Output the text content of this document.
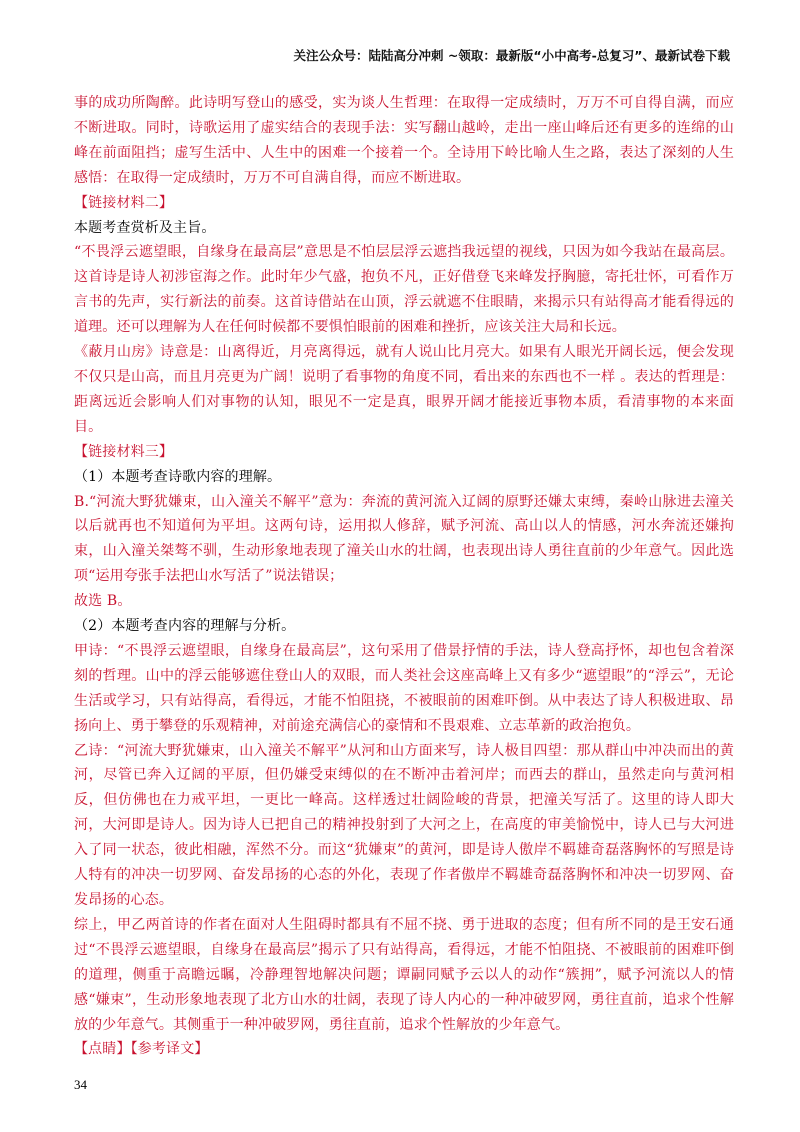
关注公众号：陆陆高分冲刺 ~领取：最新版“小中高考-总复习”、最新试卷下载

事的成功所陶醉。此诗明写登山的感受，实为谈人生哲理：在取得一定成绩时，万万不可自得自满，而应不断进取。同时，诗歌运用了虚实结合的表现手法：实写翻山越岭，走出一座山峰后还有更多的连绵的山峰在前面阻挡；虚写生活中、人生中的困难一个接着一个。全诗用下岭比喻人生之路，表达了深刻的人生感悟：在取得一定成绩时，万万不可自满自得，而应不断进取。

【链接材料二】

本题考查赏析及主旨。

“不畏浮云遮望眼，自缘身在最高层”意思是不怕层层浮云遮挡我远望的视线，只因为如今我站在最高层。这首诗是诗人初涉宦海之作。此时年少气盛，抱负不凡，正好借登飞来峰发抒胸臆，寄托壮怀，可看作万言书的先声，实行新法的前奏。这首诗借站在山顶，浮云就遮不住眼睛，来揭示只有站得高才能看得远的道理。还可以理解为人在任何时候都不要惧怕眼前的困难和挫折，应该关注大局和长远。

《蔽月山房》诗意是：山离得近，月亮离得远，就有人说山比月亮大。如果有人眼光开阔长远，便会发现不仅只是山高，而且月亮更为广阔！说明了看事物的角度不同，看出来的东西也不一样 。表达的哲理是：距离远近会影响人们对事物的认知，眼见不一定是真，眼界开阔才能接近事物本质，看清事物的本来面目。

【链接材料三】

（1）本题考查诗歌内容的理解。

B.“河流大野犹嫌束，山入潼关不解平”意为：奔流的黄河流入辽阔的原野还嫌太束缚，秦岭山脉进去潼关以后就再也不知道何为平坦。这两句诗，运用拟人修辞，赋予河流、高山以人的情感，河水奔流还嫌拘束，山入潼关桀骜不驯，生动形象地表现了潼关山水的壮阔，也表现出诗人勇往直前的少年意气。因此选项“运用夸张手法把山水写活了”说法错误；

故选 B。

（2）本题考查内容的理解与分析。

甲诗：“不畏浮云遮望眼，自缘身在最高层”，这句采用了借景抒情的手法，诗人登高抒怀，却也包含着深刻的哲理。山中的浮云能够遮住登山人的双眼，而人类社会这座高峰上又有多少“遮望眼”的“浮云”，无论生活或学习，只有站得高，看得远，才能不怕阻挠，不被眼前的困难吓倒。从中表达了诗人积极进取、昂扬向上、勇于攀登的乐观精神，对前途充满信心的豪情和不畏艰难、立志革新的政治抱负。

乙诗：“河流大野犹嫌束，山入潼关不解平”从河和山方面来写，诗人极目四望：那从群山中冲决而出的黄河，尽管已奔入辽阔的平原，但仍嫌受束缚似的在不断冲击着河岸；而西去的群山，虽然走向与黄河相反，但仿佛也在力戒平坦，一更比一峰高。这样透过壮阔险峻的背景，把潼关写活了。这里的诗人即大河，大河即是诗人。因为诗人已把自己的精神投射到了大河之上，在高度的审美愉悦中，诗人已与大河进入了同一状态，彼此相融，浑然不分。而这“犹嫌束”的黄河，即是诗人傲岸不羁雄奇磊落胸怀的写照是诗人特有的冲决一切罗网、奋发昂扬的心态的外化，表现了作者傲岸不羁雄奇磊落胸怀和冲决一切罗网、奋发昂扬的心态。

综上，甲乙两首诗的作者在面对人生阻碍时都具有不屈不挠、勇于进取的态度；但有所不同的是王安石通过“不畏浮云遮望眼，自缘身在最高层”揭示了只有站得高，看得远，才能不怕阻挠、不被眼前的困难吓倒的道理，侧重于高瞻远瞩，冷静理智地解决问题；谭嗣同赋予云以人的动作“簇拥”，赋予河流以人的情感“嫌束”，生动形象地表现了北方山水的壮阔，表现了诗人内心的一种冲破罗网，勇往直前，追求个性解放的少年意气。其侧重于一种冲破罗网，勇往直前，追求个性解放的少年意气。

【点睛】【参考译文】

34
